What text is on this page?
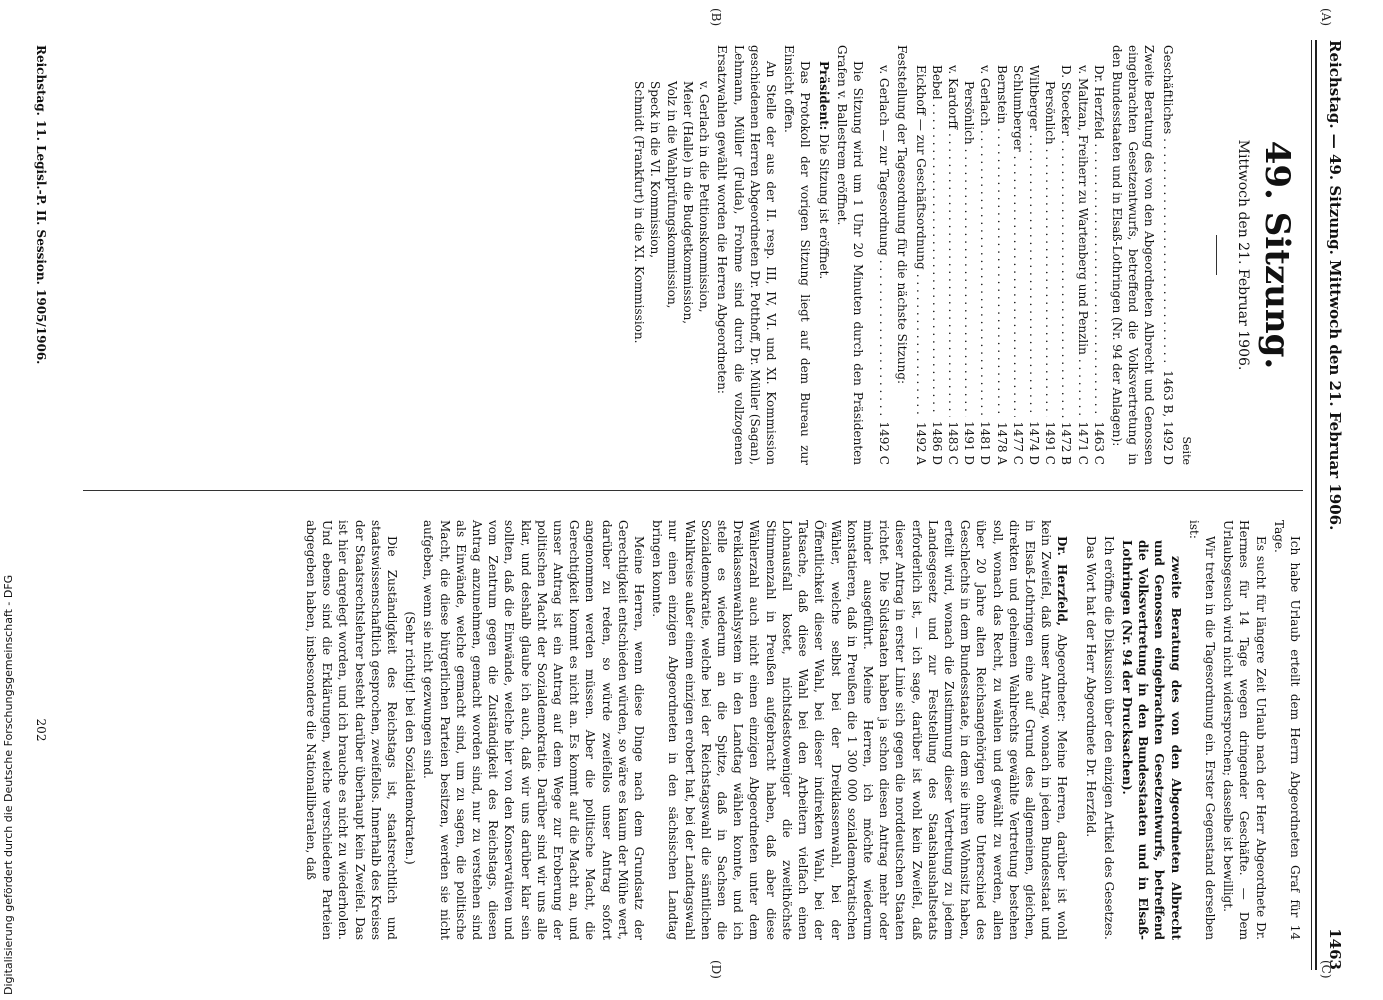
Reichstag. — 49. Sitzung. Mittwoch den 21. Februar 1906.
1463
(A)
(B)
(C)
(D)
49. Sitzung.
Mittwoch den 21. Februar 1906.
Seite
Geschäftliches
. . .
1463 B, 1492 D
Zweite Beratung des von den Abgeordneten Albrecht und Genossen eingebrachten Gesetzentwurfs, betreffend die Volksvertretung in den Bundesstaaten und in Elsaß-Lothringen (Nr. 94 der Anlagen):
Dr. Herzfeld
. . .
1463 C
v. Maltzan, Freiherr zu Wartenberg und Penzlin
. . .
1471 C
D. Stoecker
. . .
1472 B
Persönlich
. . .
1491 C
Wiltberger
. . .
1474 D
Schlumberger
. . .
1477 C
Bernstein
. . .
1478 A
v. Gerlach
. . .
1481 D
Persönlich
. . .
1491 D
v. Kardorff
. . .
1483 C
Bebel
. . .
1486 D
Eickhoff — zur Geschäftsordnung
. . .
1492 A
Feststellung der Tagesordnung für die nächste Sitzung:
v. Gerlach — zur Tagesordnung
. . .
1492 C

Die Sitzung wird um 1 Uhr 20 Minuten durch den Präsidenten Grafen v. Ballestrem eröffnet.

Präsident: Die Sitzung ist eröffnet.

Das Protokoll der vorigen Sitzung liegt auf dem Bureau zur Einsicht offen.

An Stelle der aus der II. resp. III, IV, VI. und XI. Kommission geschiedenen Herren Abgeordneten Dr. Potthoff, Dr. Müller (Sagan), Lehmann, Müller (Fulda), Frohme sind durch die vollzogenen Ersatzwahlen gewählt worden die Herren Abgeordneten:

v. Gerlach in die Petitionskommission,
Meier (Halle) in die Budgetkommission,
Volz in die Wahlprüfungskommission,
Speck in die VI. Kommission,
Schmidt (Frankfurt) in die XI. Kommission.

Ich habe Urlaub erteilt dem Herrn Abgeordneten Graf für 14 Tage.

Es sucht für längere Zeit Urlaub nach der Herr Abgeordnete Dr. Hermes für 14 Tage wegen dringender Geschäfte. — Dem Urlaubsgesuch wird nicht widersprochen; dasselbe ist bewilligt.

Wir treten in die Tagesordnung ein. Erster Gegenstand derselben ist:

zweite Beratung des von den Abgeordneten Albrecht und Genossen eingebrachten Gesetzentwurfs, betreffend die Volksvertretung in den Bundesstaaten und in Elsaß-Lothringen (Nr. 94 der Drucksachen).

Ich eröffne die Diskussion über den einzigen Artikel des Gesetzes.

Das Wort hat der Herr Abgeordnete Dr. Herzfeld.

Dr. Herzfeld, Abgeordneter: Meine Herren, darüber ist wohl kein Zweifel, daß unser Antrag, wonach in jedem Bundesstaat und in Elsaß-Lothringen eine auf Grund des allgemeinen, gleichen, direkten und geheimen Wahlrechts gewählte Vertretung bestehen soll, wonach das Recht, zu wählen und gewählt zu werden, allen über 20 Jahre alten Reichsangehörigen ohne Unterschied des Geschlechts in dem Bundesstaate, in dem sie ihren Wohnsitz haben, erteilt wird, wonach die Zustimmung dieser Vertretung zu jedem Landesgesetz und zur Feststellung des Staatshaushaltsetats erforderlich ist, — ich sage, darüber ist wohl kein Zweifel, daß dieser Antrag in erster Linie sich gegen die norddeutschen Staaten richtet. Die Südstaaten haben ja schon diesen Antrag mehr oder minder ausgeführt. Meine Herren, ich möchte wiederum konstatieren, daß in Preußen die 1 300 000 sozialdemokratischen Wähler, welche selbst bei der Dreiklassenwahl, bei der Öffentlichkeit dieser Wahl, bei dieser indirekten Wahl, bei der Tatsache, daß diese Wahl bei den Arbeitern vielfach einen Lohnausfall kostet, nichtsdestoweniger die zweithöchste Stimmenzahl in Preußen aufgebracht haben, daß aber diese Wählerzahl auch nicht einen einzigen Abgeordneten unter dem Dreiklassenwahlsystem in den Landtag wählen konnte, und ich stelle es wiederum an die Spitze, daß in Sachsen die Sozialdemokratie, welche bei der Reichstagswahl die sämtlichen Wahlkreise außer einem einzigen erobert hat, bei der Landtagswahl nur einen einzigen Abgeordneten in den sächsischen Landtag bringen konnte.

Meine Herren, wenn diese Dinge nach dem Grundsatz der Gerechtigkeit entschieden würden, so wäre es kaum der Mühe wert, darüber zu reden, so würde zweifellos unser Antrag sofort angenommen werden müssen. Aber die politische Macht, die Gerechtigkeit kommt es nicht an. Es kommt auf die Macht an, und unser Antrag ist ein Antrag auf dem Wege zur Eroberung der politischen Macht der Sozialdemokratie. Darüber sind wir uns alle klar, und deshalb glaube ich auch, daß wir uns darüber klar sein sollten, daß die Einwände, welche hier von den Konservativen und vom Zentrum gegen die Zuständigkeit des Reichstags, diesen Antrag anzunehmen, gemacht worden sind, nur zu verstehen sind als Einwände, welche gemacht sind, um zu sagen, die politische Macht, die diese bürgerlichen Parteien besitzen, werden sie nicht aufgeben, wenn sie nicht gezwungen sind.

(Sehr richtig! bei den Sozialdemokraten.)

Die Zuständigkeit des Reichstags ist, staatsrechtlich und staatswissenschaftlich gesprochen, zweifellos. Innerhalb des Kreises der Staatsrechtslehrer besteht darüber überhaupt kein Zweifel. Das ist hier dargelegt worden, und ich brauche es nicht zu wiederholen. Und ebenso sind die Erklärungen, welche verschiedene Parteien abgegeben haben, insbesondere die Nationalliberalen, daß

Reichstag. 11. Legisl.-P. II. Session. 1905/1906.
202
Digitalisierung gefördert durch die Deutsche Forschungsgemeinschaft - DFG
